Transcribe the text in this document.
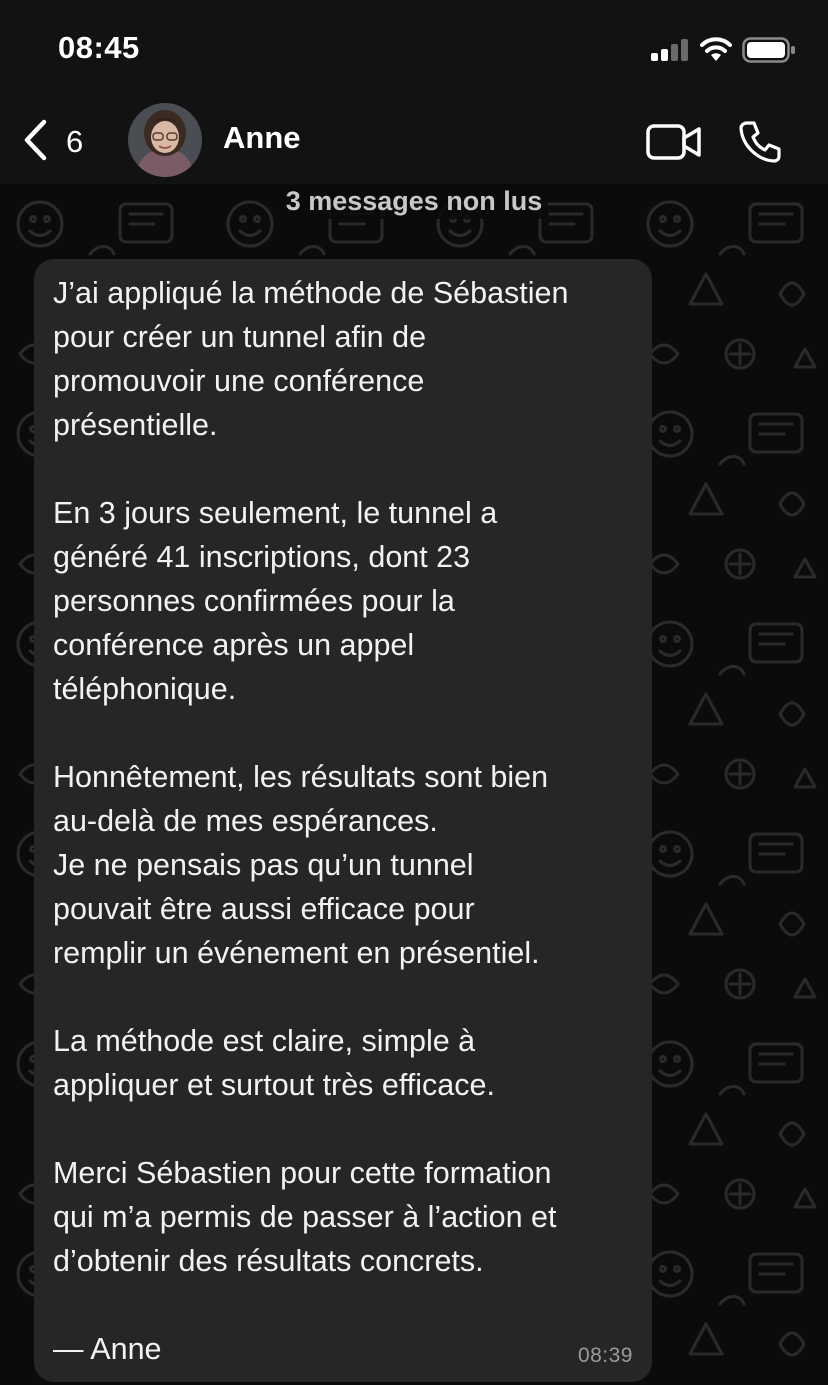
08:45
6	Anne
3 messages non lus
J’ai appliqué la méthode de Sébastien
pour créer un tunnel afin de
promouvoir une conférence
présentielle.

En 3 jours seulement, le tunnel a
généré 41 inscriptions, dont 23
personnes confirmées pour la
conférence après un appel
téléphonique.

Honnêtement, les résultats sont bien
au-delà de mes espérances.
Je ne pensais pas qu’un tunnel
pouvait être aussi efficace pour
remplir un événement en présentiel.

La méthode est claire, simple à
appliquer et surtout très efficace.

Merci Sébastien pour cette formation
qui m’a permis de passer à l’action et
d’obtenir des résultats concrets.

— Anne	08:39
